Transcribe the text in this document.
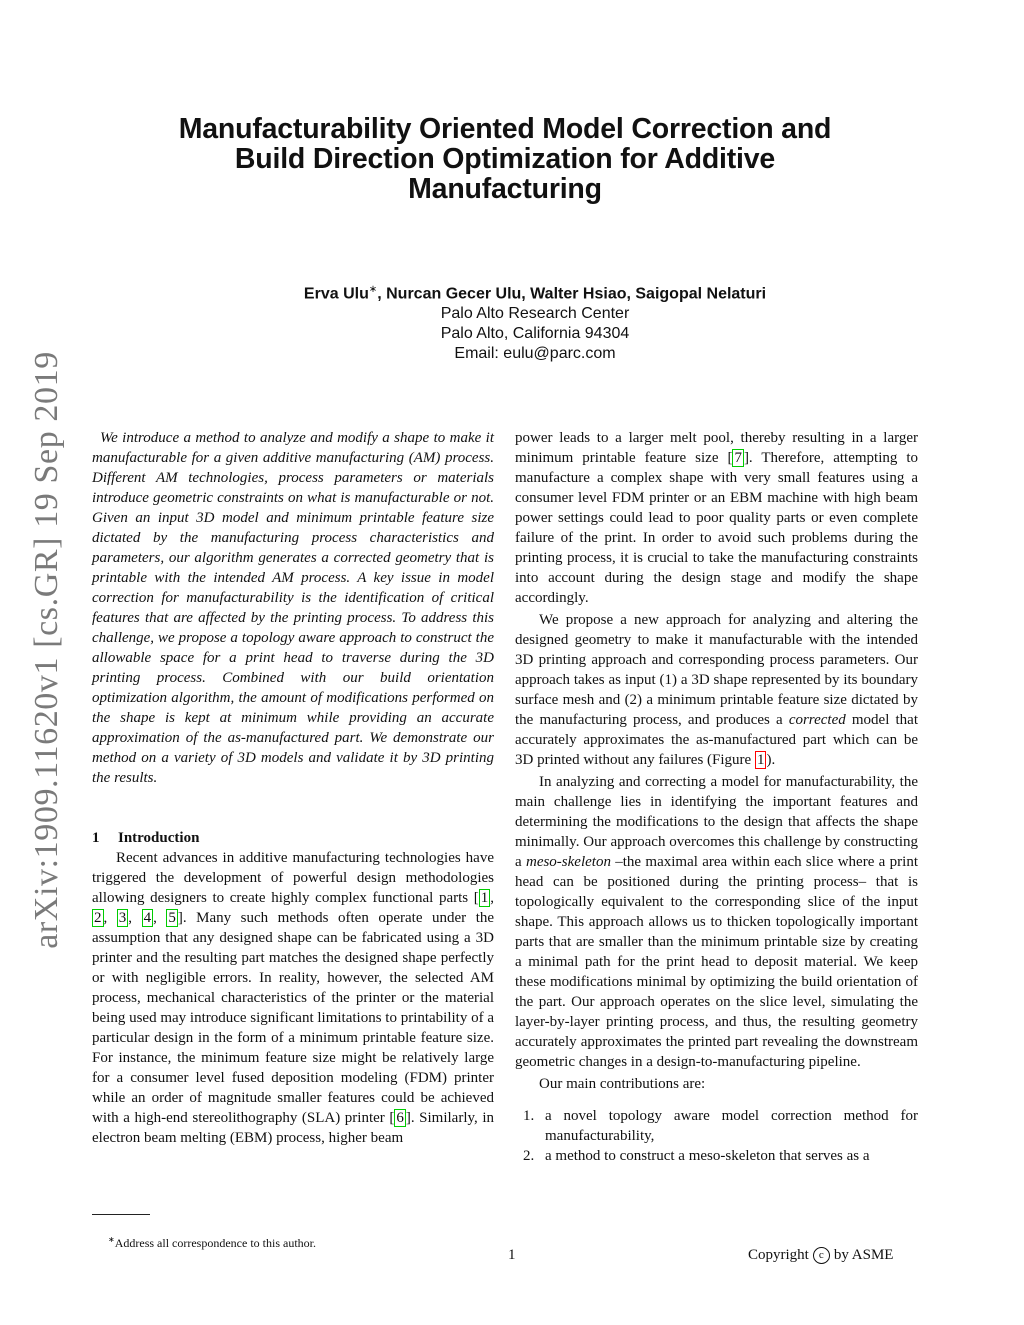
arXiv:1909.11620v1 [cs.GR] 19 Sep 2019
Manufacturability Oriented Model Correction and
Build Direction Optimization for Additive
Manufacturing
Erva Ulu∗, Nurcan Gecer Ulu, Walter Hsiao, Saigopal Nelaturi
Palo Alto Research Center
Palo Alto, California 94304
Email: eulu@parc.com

We introduce a method to analyze and modify a shape to make it manufacturable for a given additive manufacturing (AM) process. Different AM technologies, process parameters or materials introduce geometric constraints on what is manufacturable or not. Given an input 3D model and minimum printable feature size dictated by the manufacturing process characteristics and parameters, our algorithm generates a corrected geometry that is printable with the intended AM process. A key issue in model correction for manufacturability is the identification of critical features that are affected by the printing process. To address this challenge, we propose a topology aware approach to construct the allowable space for a print head to traverse during the 3D printing process. Combined with our build orientation optimization algorithm, the amount of modifications performed on the shape is kept at minimum while providing an accurate approximation of the as-manufactured part. We demonstrate our method on a variety of 3D models and validate it by 3D printing the results.

1 Introduction

Recent advances in additive manufacturing technologies have triggered the development of powerful design methodologies allowing designers to create highly complex functional parts [ 1 , 2 , 3 , 4 , 5 ]. Many such methods often operate under the assumption that any designed shape can be fabricated using a 3D printer and the resulting part matches the designed shape perfectly or with negligible errors. In reality, however, the selected AM process, mechanical characteristics of the printer or the material being used may introduce significant limitations to printability of a particular design in the form of a minimum printable feature size. For instance, the minimum feature size might be relatively large for a consumer level fused deposition modeling (FDM) printer while an order of magnitude smaller features could be achieved with a high-end stereolithography (SLA) printer [ 6 ]. Similarly, in electron beam melting (EBM) process, higher beam

power leads to a larger melt pool, thereby resulting in a larger minimum printable feature size [ 7 ]. Therefore, attempting to manufacture a complex shape with very small features using a consumer level FDM printer or an EBM machine with high beam power settings could lead to poor quality parts or even complete failure of the print. In order to avoid such problems during the printing process, it is crucial to take the manufacturing constraints into account during the design stage and modify the shape accordingly.

We propose a new approach for analyzing and altering the designed geometry to make it manufacturable with the intended 3D printing approach and corresponding process parameters. Our approach takes as input (1) a 3D shape represented by its boundary surface mesh and (2) a minimum printable feature size dictated by the manufacturing process, and produces a corrected model that accurately approximates the as-manufactured part which can be 3D printed without any failures (Figure 1 ).

In analyzing and correcting a model for manufacturability, the main challenge lies in identifying the important features and determining the modifications to the design that affects the shape minimally. Our approach overcomes this challenge by constructing a meso-skeleton –the maximal area within each slice where a print head can be positioned during the printing process– that is topologically equivalent to the corresponding slice of the input shape. This approach allows us to thicken topologically important parts that are smaller than the minimum printable size by creating a minimal path for the print head to deposit material. We keep these modifications minimal by optimizing the build orientation of the part. Our approach operates on the slice level, simulating the layer-by-layer printing process, and thus, the resulting geometry accurately approximates the printed part revealing the downstream geometric changes in a design-to-manufacturing pipeline.

Our main contributions are:

1. a novel topology aware model correction method for manufacturability,
2. a method to construct a meso-skeleton that serves as a
∗Address all correspondence to this author.
1	Copyright c by ASME
